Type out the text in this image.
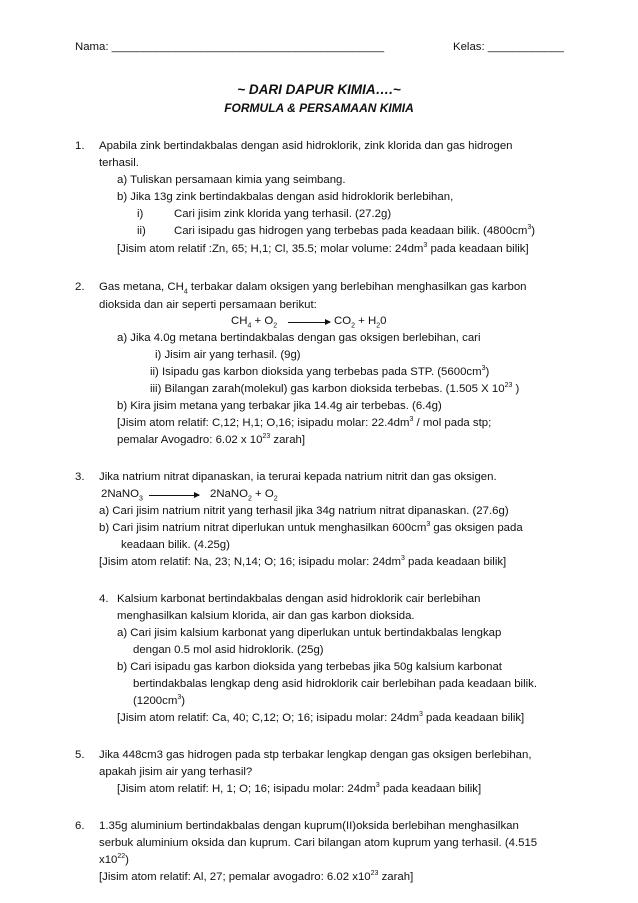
Nama: ___________________________________________	Kelas: ____________
~ DARI DAPUR KIMIA….~
FORMULA & PERSAMAAN KIMIA
1. Apabila zink bertindakbalas dengan asid hidroklorik, zink klorida dan gas hidrogen
terhasil.
a) Tuliskan persamaan kimia yang seimbang.
b) Jika 13g zink bertindakbalas dengan asid hidroklorik berlebihan,
i)	Cari jisim zink klorida yang terhasil. (27.2g)
ii) Cari isipadu gas hidrogen yang terbebas pada keadaan bilik. $(4800cm^3)$
[Jisim atom relatif :Zn, 65; H,1; Cl, 35.5; molar volume: $24dm^3$ pada keadaan bilik]
2. Gas metana, $CH_4$ terbakar dalam oksigen yang berlebihan menghasilkan gas karbon
dioksida dan air seperti persamaan berikut:
$CH_4 + O_2$	$CO_2 + H_20$
a) Jika 4.0g metana bertindakbalas dengan gas oksigen berlebihan, cari
i) Jisim air yang terhasil. (9g)
ii) Isipadu gas karbon dioksida yang terbebas pada STP. $(5600cm^3)$
iii) Bilangan zarah(molekul) gas karbon dioksida terbebas. (1.505 X $10^{23}$ )
b) Kira jisim metana yang terbakar jika 14.4g air terbebas. (6.4g)
[Jisim atom relatif: C,12; H,1; O,16; isipadu molar: $22.4dm^3$ / mol pada stp;
pemalar Avogadro: 6.02 x $10^{23}$ zarah]
3. Jika natrium nitrat dipanaskan, ia terurai kepada natrium nitrit dan gas oksigen.
2NaNO$_3$	2NaNO$_2$ + $O_2$
a) Cari jisim natrium nitrit yang terhasil jika 34g natrium nitrat dipanaskan. (27.6g)
b) Cari jisim natrium nitrat diperlukan untuk menghasilkan $600cm^3$ gas oksigen pada
keadaan bilik. (4.25g)
[Jisim atom relatif: Na, 23; N,14; O; 16; isipadu molar: $24dm^3$ pada keadaan bilik]
4. Kalsium karbonat bertindakbalas dengan asid hidroklorik cair berlebihan
menghasilkan kalsium klorida, air dan gas karbon dioksida.
a) Cari jisim kalsium karbonat yang diperlukan untuk bertindakbalas lengkap
dengan 0.5 mol asid hidroklorik. (25g)
b) Cari isipadu gas karbon dioksida yang terbebas jika 50g kalsium karbonat
bertindakbalas lengkap deng asid hidroklorik cair berlebihan pada keadaan bilik.
$(1200cm^3)$
[Jisim atom relatif: Ca, 40; C,12; O; 16; isipadu molar: $24dm^3$ pada keadaan bilik]
5. Jika 448cm3 gas hidrogen pada stp terbakar lengkap dengan gas oksigen berlebihan,
apakah jisim air yang terhasil?
[Jisim atom relatif: H, 1; O; 16; isipadu molar: $24dm^3$ pada keadaan bilik]
6. 1.35g aluminium bertindakbalas dengan kuprum(II)oksida berlebihan menghasilkan
serbuk aluminium oksida dan kuprum. Cari bilangan atom kuprum yang terhasil. (4.515
$x10^{22}$)
[Jisim atom relatif: Al, 27; pemalar avogadro: 6.02 $x10^{23}$ zarah]
